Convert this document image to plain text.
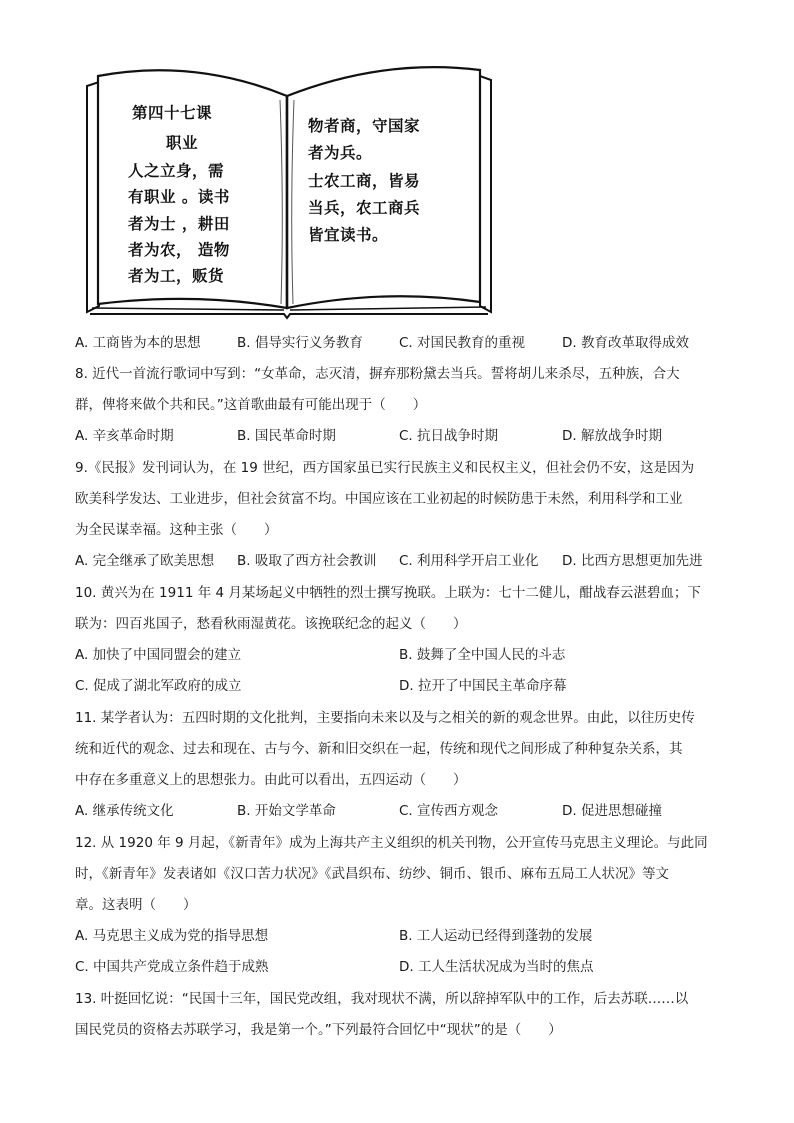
第四十七课
职业
人之立身，需
有职业 。读书
者为士 ，耕田
者为农， 造物
者为工，贩货
物者商，守国家
者为兵。
士农工商，皆易
当兵，农工商兵
皆宜读书。
A. 工商皆为本的思想	B. 倡导实行义务教育	C. 对国民教育的重视	D. 教育改革取得成效
8. 近代一首流行歌词中写到：“女革命，志灭清，摒弃那粉黛去当兵。誓将胡儿来杀尽，五种族，合大
群，俾将来做个共和民。”这首歌曲最有可能出现于（　　）
A. 辛亥革命时期	B. 国民革命时期	C. 抗日战争时期	D. 解放战争时期
9.《民报》发刊词认为，在 19 世纪，西方国家虽已实行民族主义和民权主义，但社会仍不安，这是因为
欧美科学发达、工业进步，但社会贫富不均。中国应该在工业初起的时候防患于未然，利用科学和工业
为全民谋幸福。这种主张（　　）
A. 完全继承了欧美思想 B. 吸取了西方社会教训 C. 利用科学开启工业化 D. 比西方思想更加先进
10. 黄兴为在 1911 年 4 月某场起义中牺牲的烈士撰写挽联。上联为：七十二健儿，酣战春云湛碧血；下
联为：四百兆国子，愁看秋雨湿黄花。该挽联纪念的起义（　　）
A. 加快了中国同盟会的建立	B. 鼓舞了全中国人民的斗志
C. 促成了湖北军政府的成立	D. 拉开了中国民主革命序幕
11. 某学者认为：五四时期的文化批判，主要指向未来以及与之相关的新的观念世界。由此，以往历史传
统和近代的观念、过去和现在、古与今、新和旧交织在一起，传统和现代之间形成了种种复杂关系，其
中存在多重意义上的思想张力。由此可以看出，五四运动（　　）
A. 继承传统文化	B. 开始文学革命	C. 宣传西方观念	D. 促进思想碰撞
12. 从 1920 年 9 月起，《新青年》成为上海共产主义组织的机关刊物，公开宣传马克思主义理论。与此同
时，《新青年》发表诸如《汉口苦力状况》《武昌织布、纺纱、铜币、银币、麻布五局工人状况》等文
章。这表明（　　）
A. 马克思主义成为党的指导思想	B. 工人运动已经得到蓬勃的发展
C. 中国共产党成立条件趋于成熟	D. 工人生活状况成为当时的焦点
13. 叶挺回忆说：“民国十三年，国民党改组，我对现状不满，所以辞掉军队中的工作，后去苏联……以
国民党员的资格去苏联学习，我是第一个。”下列最符合回忆中“现状”的是（　　）
